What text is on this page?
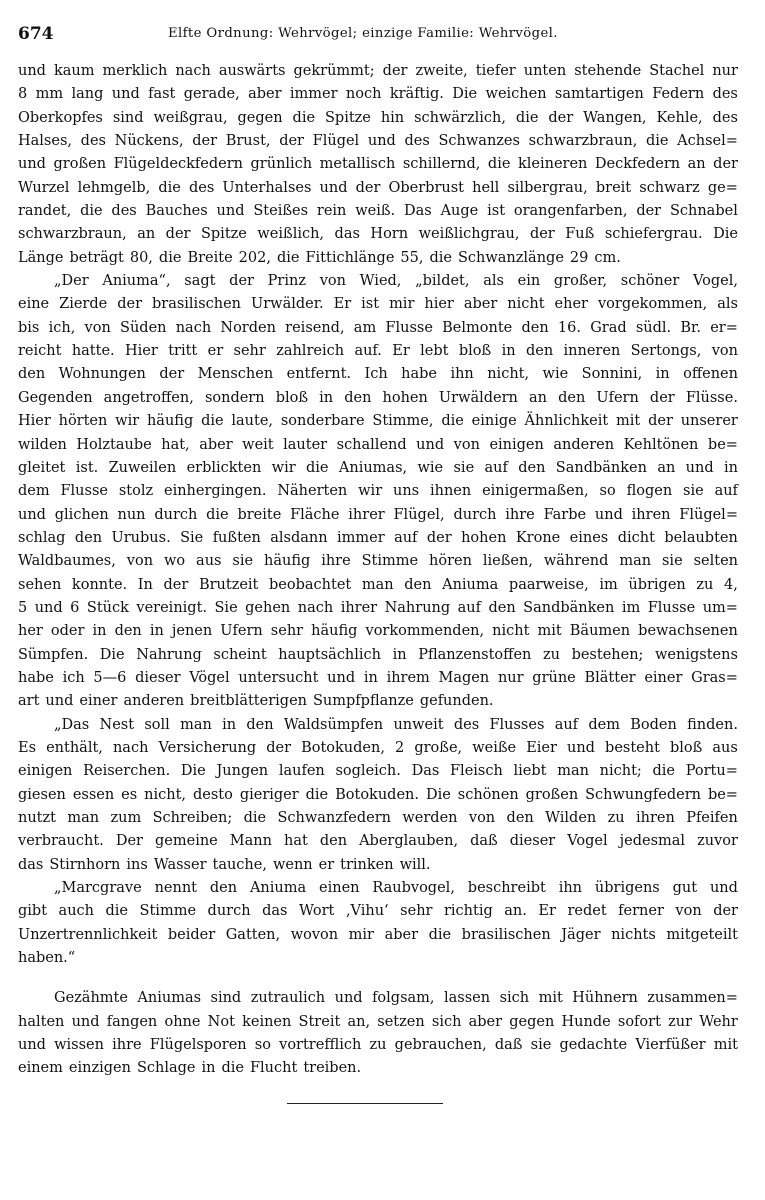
674	Elfte Ordnung: Wehrvögel; einzige Familie: Wehrvögel.
und kaum merklich nach auswärts gekrümmt; der zweite, tiefer unten stehende Stachel nur
8 mm lang und fast gerade, aber immer noch kräftig. Die weichen samtartigen Federn des
Oberkopfes sind weißgrau, gegen die Spitze hin schwärzlich, die der Wangen, Kehle, des
Halses, des Nückens, der Brust, der Flügel und des Schwanzes schwarzbraun, die Achsel=
und großen Flügeldeckfedern grünlich metallisch schillernd, die kleineren Deckfedern an der
Wurzel lehmgelb, die des Unterhalses und der Oberbrust hell silbergrau, breit schwarz ge=
randet, die des Bauches und Steißes rein weiß. Das Auge ist orangenfarben, der Schnabel
schwarzbraun, an der Spitze weißlich, das Horn weißlichgrau, der Fuß schiefergrau. Die
Länge beträgt 80, die Breite 202, die Fittichlänge 55, die Schwanzlänge 29 cm.
„Der Aniuma“, sagt der Prinz von Wied, „bildet, als ein großer, schöner Vogel,
eine Zierde der brasilischen Urwälder. Er ist mir hier aber nicht eher vorgekommen, als
bis ich, von Süden nach Norden reisend, am Flusse Belmonte den 16. Grad südl. Br. er=
reicht hatte. Hier tritt er sehr zahlreich auf. Er lebt bloß in den inneren Sertongs, von
den Wohnungen der Menschen entfernt. Ich habe ihn nicht, wie Sonnini, in offenen
Gegenden angetroffen, sondern bloß in den hohen Urwäldern an den Ufern der Flüsse.
Hier hörten wir häufig die laute, sonderbare Stimme, die einige Ähnlichkeit mit der unserer
wilden Holztaube hat, aber weit lauter schallend und von einigen anderen Kehltönen be=
gleitet ist. Zuweilen erblickten wir die Aniumas, wie sie auf den Sandbänken an und in
dem Flusse stolz einhergingen. Näherten wir uns ihnen einigermaßen, so flogen sie auf
und glichen nun durch die breite Fläche ihrer Flügel, durch ihre Farbe und ihren Flügel=
schlag den Urubus. Sie fußten alsdann immer auf der hohen Krone eines dicht belaubten
Waldbaumes, von wo aus sie häufig ihre Stimme hören ließen, während man sie selten
sehen konnte. In der Brutzeit beobachtet man den Aniuma paarweise, im übrigen zu 4,
5 und 6 Stück vereinigt. Sie gehen nach ihrer Nahrung auf den Sandbänken im Flusse um=
her oder in den in jenen Ufern sehr häufig vorkommenden, nicht mit Bäumen bewachsenen
Sümpfen. Die Nahrung scheint hauptsächlich in Pflanzenstoffen zu bestehen; wenigstens
habe ich 5—6 dieser Vögel untersucht und in ihrem Magen nur grüne Blätter einer Gras=
art und einer anderen breitblätterigen Sumpfpflanze gefunden.
„Das Nest soll man in den Waldsümpfen unweit des Flusses auf dem Boden finden.
Es enthält, nach Versicherung der Botokuden, 2 große, weiße Eier und besteht bloß aus
einigen Reiserchen. Die Jungen laufen sogleich. Das Fleisch liebt man nicht; die Portu=
giesen essen es nicht, desto gieriger die Botokuden. Die schönen großen Schwungfedern be=
nutzt man zum Schreiben; die Schwanzfedern werden von den Wilden zu ihren Pfeifen
verbraucht. Der gemeine Mann hat den Aberglauben, daß dieser Vogel jedesmal zuvor
das Stirnhorn ins Wasser tauche, wenn er trinken will.
„Marcgrave nennt den Aniuma einen Raubvogel, beschreibt ihn übrigens gut und
gibt auch die Stimme durch das Wort ‚Vihu‘ sehr richtig an. Er redet ferner von der
Unzertrennlichkeit beider Gatten, wovon mir aber die brasilischen Jäger nichts mitgeteilt
haben.“
Gezähmte Aniumas sind zutraulich und folgsam, lassen sich mit Hühnern zusammen=
halten und fangen ohne Not keinen Streit an, setzen sich aber gegen Hunde sofort zur Wehr
und wissen ihre Flügelsporen so vortrefflich zu gebrauchen, daß sie gedachte Vierfüßer mit
einem einzigen Schlage in die Flucht treiben.
